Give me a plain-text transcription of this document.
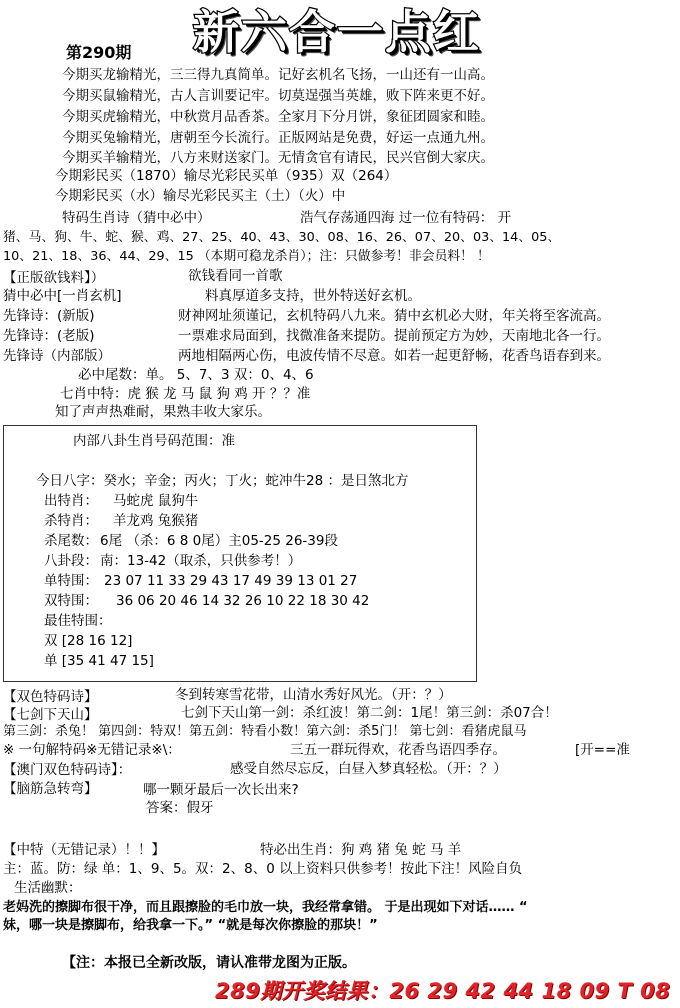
第290期 新六合一点红
今期买龙输精光，三三得九真简单。记好玄机名飞扬，一山还有一山高。
今期买鼠输精光，古人言训要记牢。切莫逞强当英雄，败下阵来更不好。
今期买虎输精光，中秋赏月品香茶。全家月下分月饼，象征团圆家和睦。
今期买兔输精光，唐朝至今长流行。正版网站是免费，好运一点通九州。
今期买羊输精光，八方来财送家门。无情贪官有请民，民兴官倒大家庆。
今期彩民买（1870）输尽光彩民买单（935）双（264）
今期彩民买（水）输尽光彩民买主（土）（火）中
特码生肖诗（猜中必中）	浩气存荡通四海 过一位有特码： 开
猪、马、狗、牛、蛇、猴、鸡、27、25、40、43、30、08、16、26、07、20、03、14、05、
10、21、18、36、44、29、15 （本期可稳龙杀肖）；注：只做参考！非会员料！ ！
【正版欲钱料】）	欲钱看同一首歌
猜中必中[一肖玄机]	料真厚道多支持，世外特送好玄机。
先锋诗：(新版)	财神网址须谨记，玄机特码八九来。猜中玄机必大财，年关将至客流高。
先锋诗：(老版)	一票难求局面到，找微准备来提防。提前预定方为妙，天南地北各一行。
先锋诗（内部版）	两地相隔两心伤，电波传情不尽意。如若一起更舒畅，花香鸟语春到来。
必中尾数：单。 5、7、3 双：0、4、6
七肖中特：虎 猴 龙 马 鼠 狗 鸡 开 ？？准
知了声声热难耐，果熟丰收大家乐。
内部八卦生肖号码范围：准
今日八字：癸水；辛金；丙火；丁火；蛇冲牛28 ：是日煞北方
出特肖： 马蛇虎 鼠狗牛
杀特肖： 羊龙鸡 兔猴猪
杀尾数： 6尾 （杀：6 8 0尾）主05-25 26-39段
八卦段： 南：13-42（取杀，只供参考！）
单特围： 23 07 11 33 29 43 17 49 39 13 01 27
双特围： 36 06 20 46 14 32 26 10 22 18 30 42
最佳特围：
双 [28 16 12]
单 [35 41 47 15]
【双色特码诗】	冬到转寒雪花带，山清水秀好风光。（开：？）
【七剑下天山】	七剑下天山第一剑：杀红波！第二剑：1尾！第三剑：杀07合！
第三剑：杀兔！ 第四剑：特双！第五剑：特看小数！第六剑：杀5门！ 第七剑：看猪虎鼠马
※ 一句解特码※无错记录※\：	三五一群玩得欢，花香鸟语四季存。	[开==准
【澳门双色特码诗】：	感受自然尽忘反，白昼入梦真轻松。（开：？）
【脑筋急转弯】	哪一颗牙最后一次长出来?
答案：假牙
【中特（无错记录）！！】	特必出生肖：狗 鸡 猪 兔 蛇 马 羊
主：蓝。防：绿 单：1、9、5。双：2、8、0 以上资料只供参考！按此下注！风险自负
生活幽默：
老妈洗的擦脚布很干净，而且跟擦脸的毛巾放一块，我经常拿错。 于是出现如下对话…… “
妹，哪一块是擦脚布，给我拿一下。” “就是每次你擦脸的那块！”
【注：本报已全新改版，请认准带龙图为正版。
289期开奖结果：26 29 42 44 18 09 T 08
